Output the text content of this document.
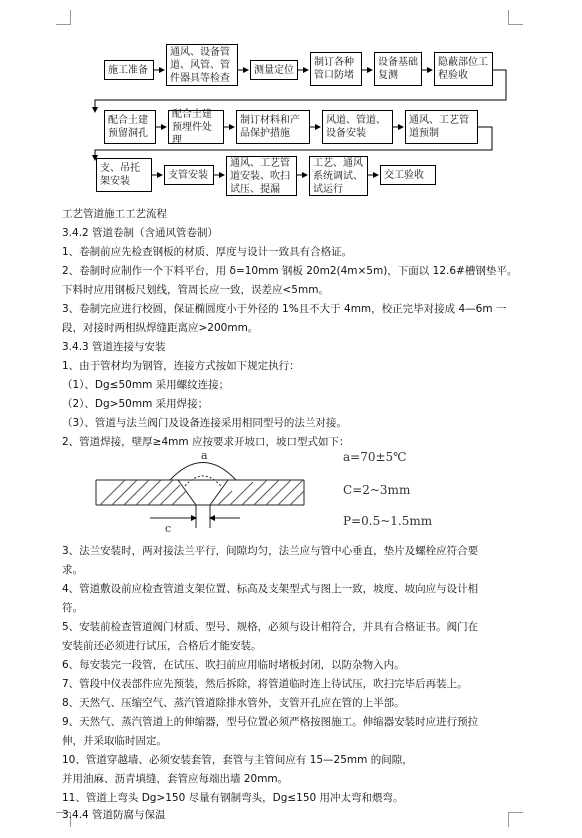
施工准备
通风、设备管道、风管、管件器具等检查
测量定位
制订各种管口防堵
设备基础复测
隐蔽部位工程验收
配合土建预留洞孔
配合土建预埋件处理
制订材料和产品保护措施
风道、管道、设备安装
通风、工艺管道预制
支、吊托架安装
支管安装
通风、工艺管道安装、吹扫试压、提漏
工艺、通风系统调试、试运行
交工验收
工艺管道施工工艺流程
3.4.2 管道卷制（含通风管卷制）
1、卷制前应先检查钢板的材质、厚度与设计一致具有合格证。
2、卷制时应制作一个下料平台，用 δ=10mm 钢板 20m2(4m×5m)，下面以 12.6#槽钢垫平。
下料时应用钢板尺划线，管周长应一致，误差应<5mm。
3、卷制完应进行校圆，保证椭圆度小于外径的 1%且不大于 4mm，校正完毕对接成 4—6m 一
段，对接时两相纵焊缝距离应>200mm。
3.4.3 管道连接与安装
1、由于管材均为钢管，连接方式按如下规定执行：
（1）、Dg≤50mm 采用螺纹连接；
（2）、Dg>50mm 采用焊接；
（3）、管道与法兰阀门及设备连接采用相同型号的法兰对接。
2、管道焊接，壁厚≥4mm 应按要求开坡口，坡口型式如下：
a
c
a=70±5℃
C=2~3mm
P=0.5~1.5mm
3、法兰安装时，两对接法兰平行，间隙均匀，法兰应与管中心垂直，垫片及螺栓应符合要
求。
4、管道敷设前应检查管道支架位置、标高及支架型式与图上一致，坡度、坡向应与设计相
符。
5、安装前检查管道阀门材质、型号、规格，必须与设计相符合，并具有合格证书。阀门在
安装前还必须进行试压，合格后才能安装。
6、每安装完一段管，在试压、吹扫前应用临时堵板封闭，以防杂物入内。
7、管段中仪表部件应先预装，然后拆除，将管道临时连上待试压，吹扫完毕后再装上。
8、天然气、压缩空气、蒸汽管道除排水管外，支管开孔应在管的上半部。
9、天然气、蒸汽管道上的伸缩器，型号位置必须严格按图施工。伸缩器安装时应进行预拉
伸，并采取临时固定。
10、管道穿越墙、必须安装套管，套管与主管间应有 15—25mm 的间隙，
并用油麻、沥青填缝，套管应每端出墙 20mm。
11、管道上弯头 Dg>150 尽量有钢制弯头，Dg≤150 用冲太弯和煨弯。
3.4.4 管道防腐与保温
